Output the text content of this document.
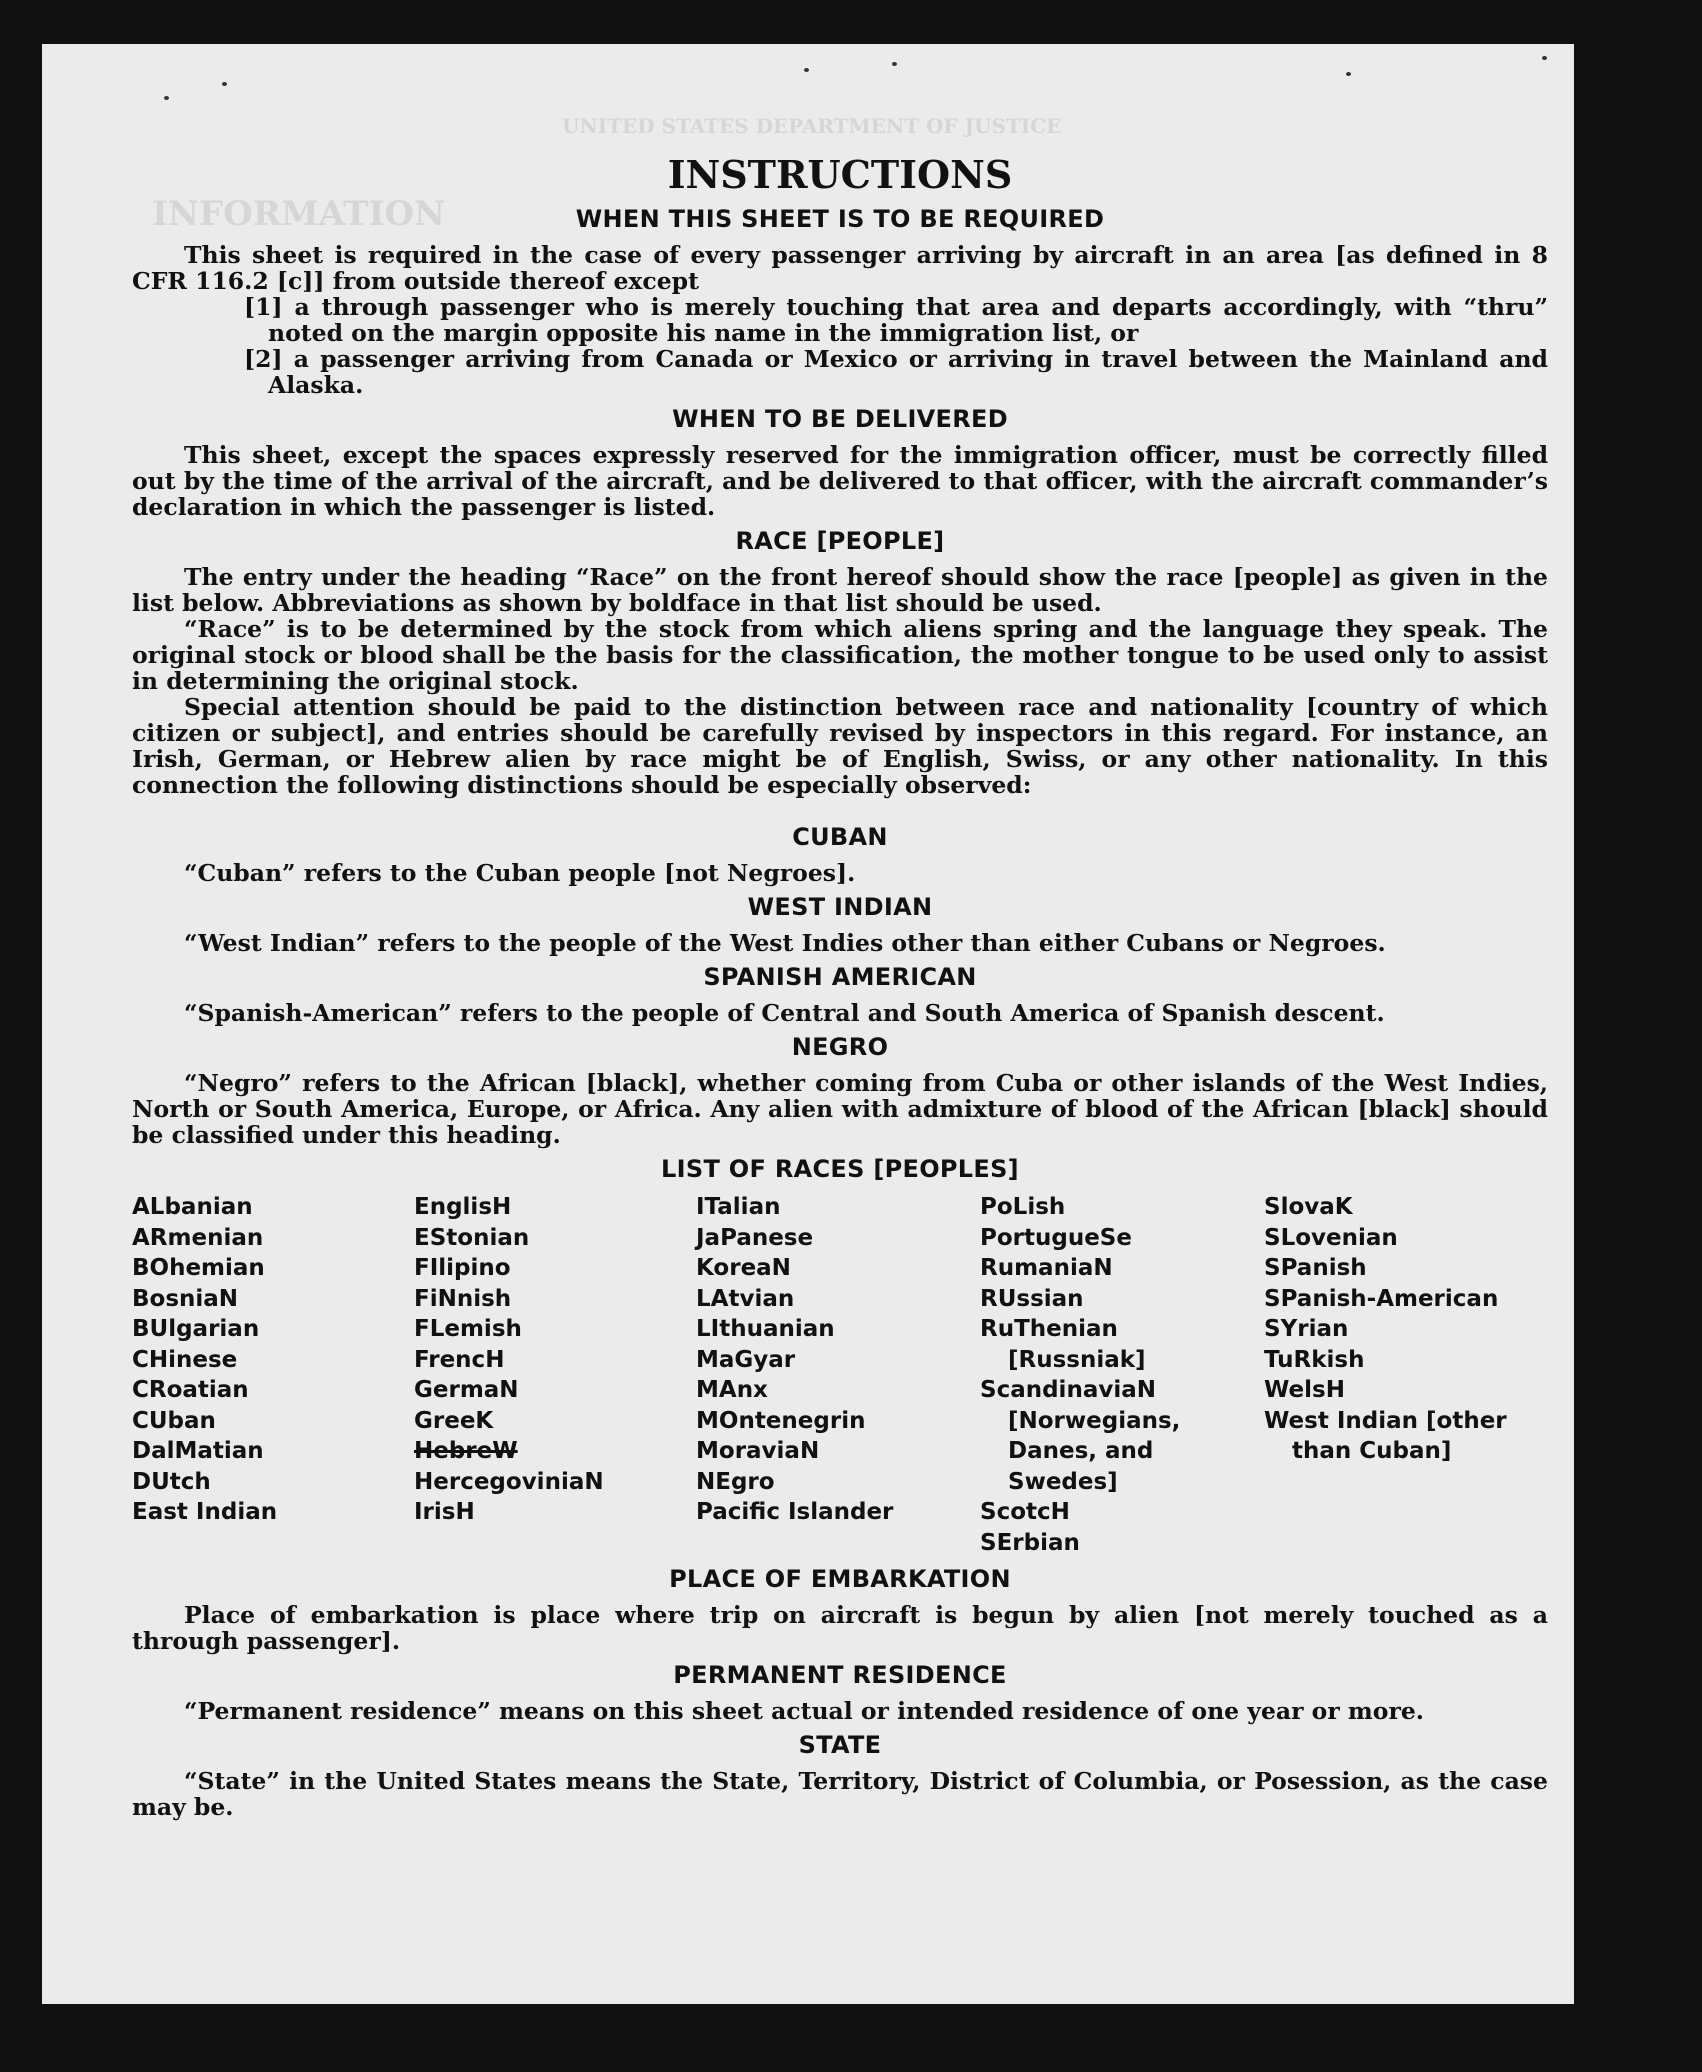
UNITED STATES DEPARTMENT OF JUSTICE
INFORMATION
INSTRUCTIONS
WHEN THIS SHEET IS TO BE REQUIRED

This sheet is required in the case of every passenger arriving by aircraft in an area [as defined in 8 CFR 116.2 [c]] from outside thereof except

[1] a through passenger who is merely touching that area and departs accordingly, with “thru” noted on the margin opposite his name in the immigration list, or

[2] a passenger arriving from Canada or Mexico or arriving in travel between the Mainland and Alaska.

WHEN TO BE DELIVERED

This sheet, except the spaces expressly reserved for the immigration officer, must be correctly filled out by the time of the arrival of the aircraft, and be delivered to that officer, with the aircraft commander’s declaration in which the passenger is listed.

RACE [PEOPLE]

The entry under the heading “Race” on the front hereof should show the race [people] as given in the list below. Abbreviations as shown by boldface in that list should be used.

“Race” is to be determined by the stock from which aliens spring and the language they speak. The original stock or blood shall be the basis for the classification, the mother tongue to be used only to assist in determining the original stock.

Special attention should be paid to the distinction between race and nationality [country of which citizen or subject], and entries should be carefully revised by inspectors in this regard. For instance, an Irish, German, or Hebrew alien by race might be of English, Swiss, or any other nationality. In this connection the following distinctions should be especially observed:

CUBAN

“Cuban” refers to the Cuban people [not Negroes].

WEST INDIAN

“West Indian” refers to the people of the West Indies other than either Cubans or Negroes.

SPANISH AMERICAN

“Spanish-American” refers to the people of Central and South America of Spanish descent.

NEGRO

“Negro” refers to the African [black], whether coming from Cuba or other islands of the West Indies, North or South America, Europe, or Africa. Any alien with admixture of blood of the African [black] should be classified under this heading.

LIST OF RACES [PEOPLES]
ALbanian
ARmenian
BOhemian
BosniaN
BUlgarian
CHinese
CRoatian
CUban
DalMatian
DUtch
East Indian
EnglisH
EStonian
FIlipino
FiNnish
FLemish
FrencH
GermaN
GreeK
HebreW
HercegoviniaN
IrisH
ITalian
JaPanese
KoreaN
LAtvian
LIthuanian
MaGyar
MAnx
MOntenegrin
MoraviaN
NEgro
Pacific Islander
PoLish
PortugueSe
RumaniaN
RUssian
RuThenian [Russniak]
ScandinaviaN [Norwegians, Danes, and Swedes]
ScotcH
SErbian
SlovaK
SLovenian
SPanish
SPanish-American
SYrian
TuRkish
WelsH
West Indian [other than Cuban]
PLACE OF EMBARKATION

Place of embarkation is place where trip on aircraft is begun by alien [not merely touched as a through passenger].

PERMANENT RESIDENCE

“Permanent residence” means on this sheet actual or intended residence of one year or more.

STATE

“State” in the United States means the State, Territory, District of Columbia, or Posession, as the case may be.
